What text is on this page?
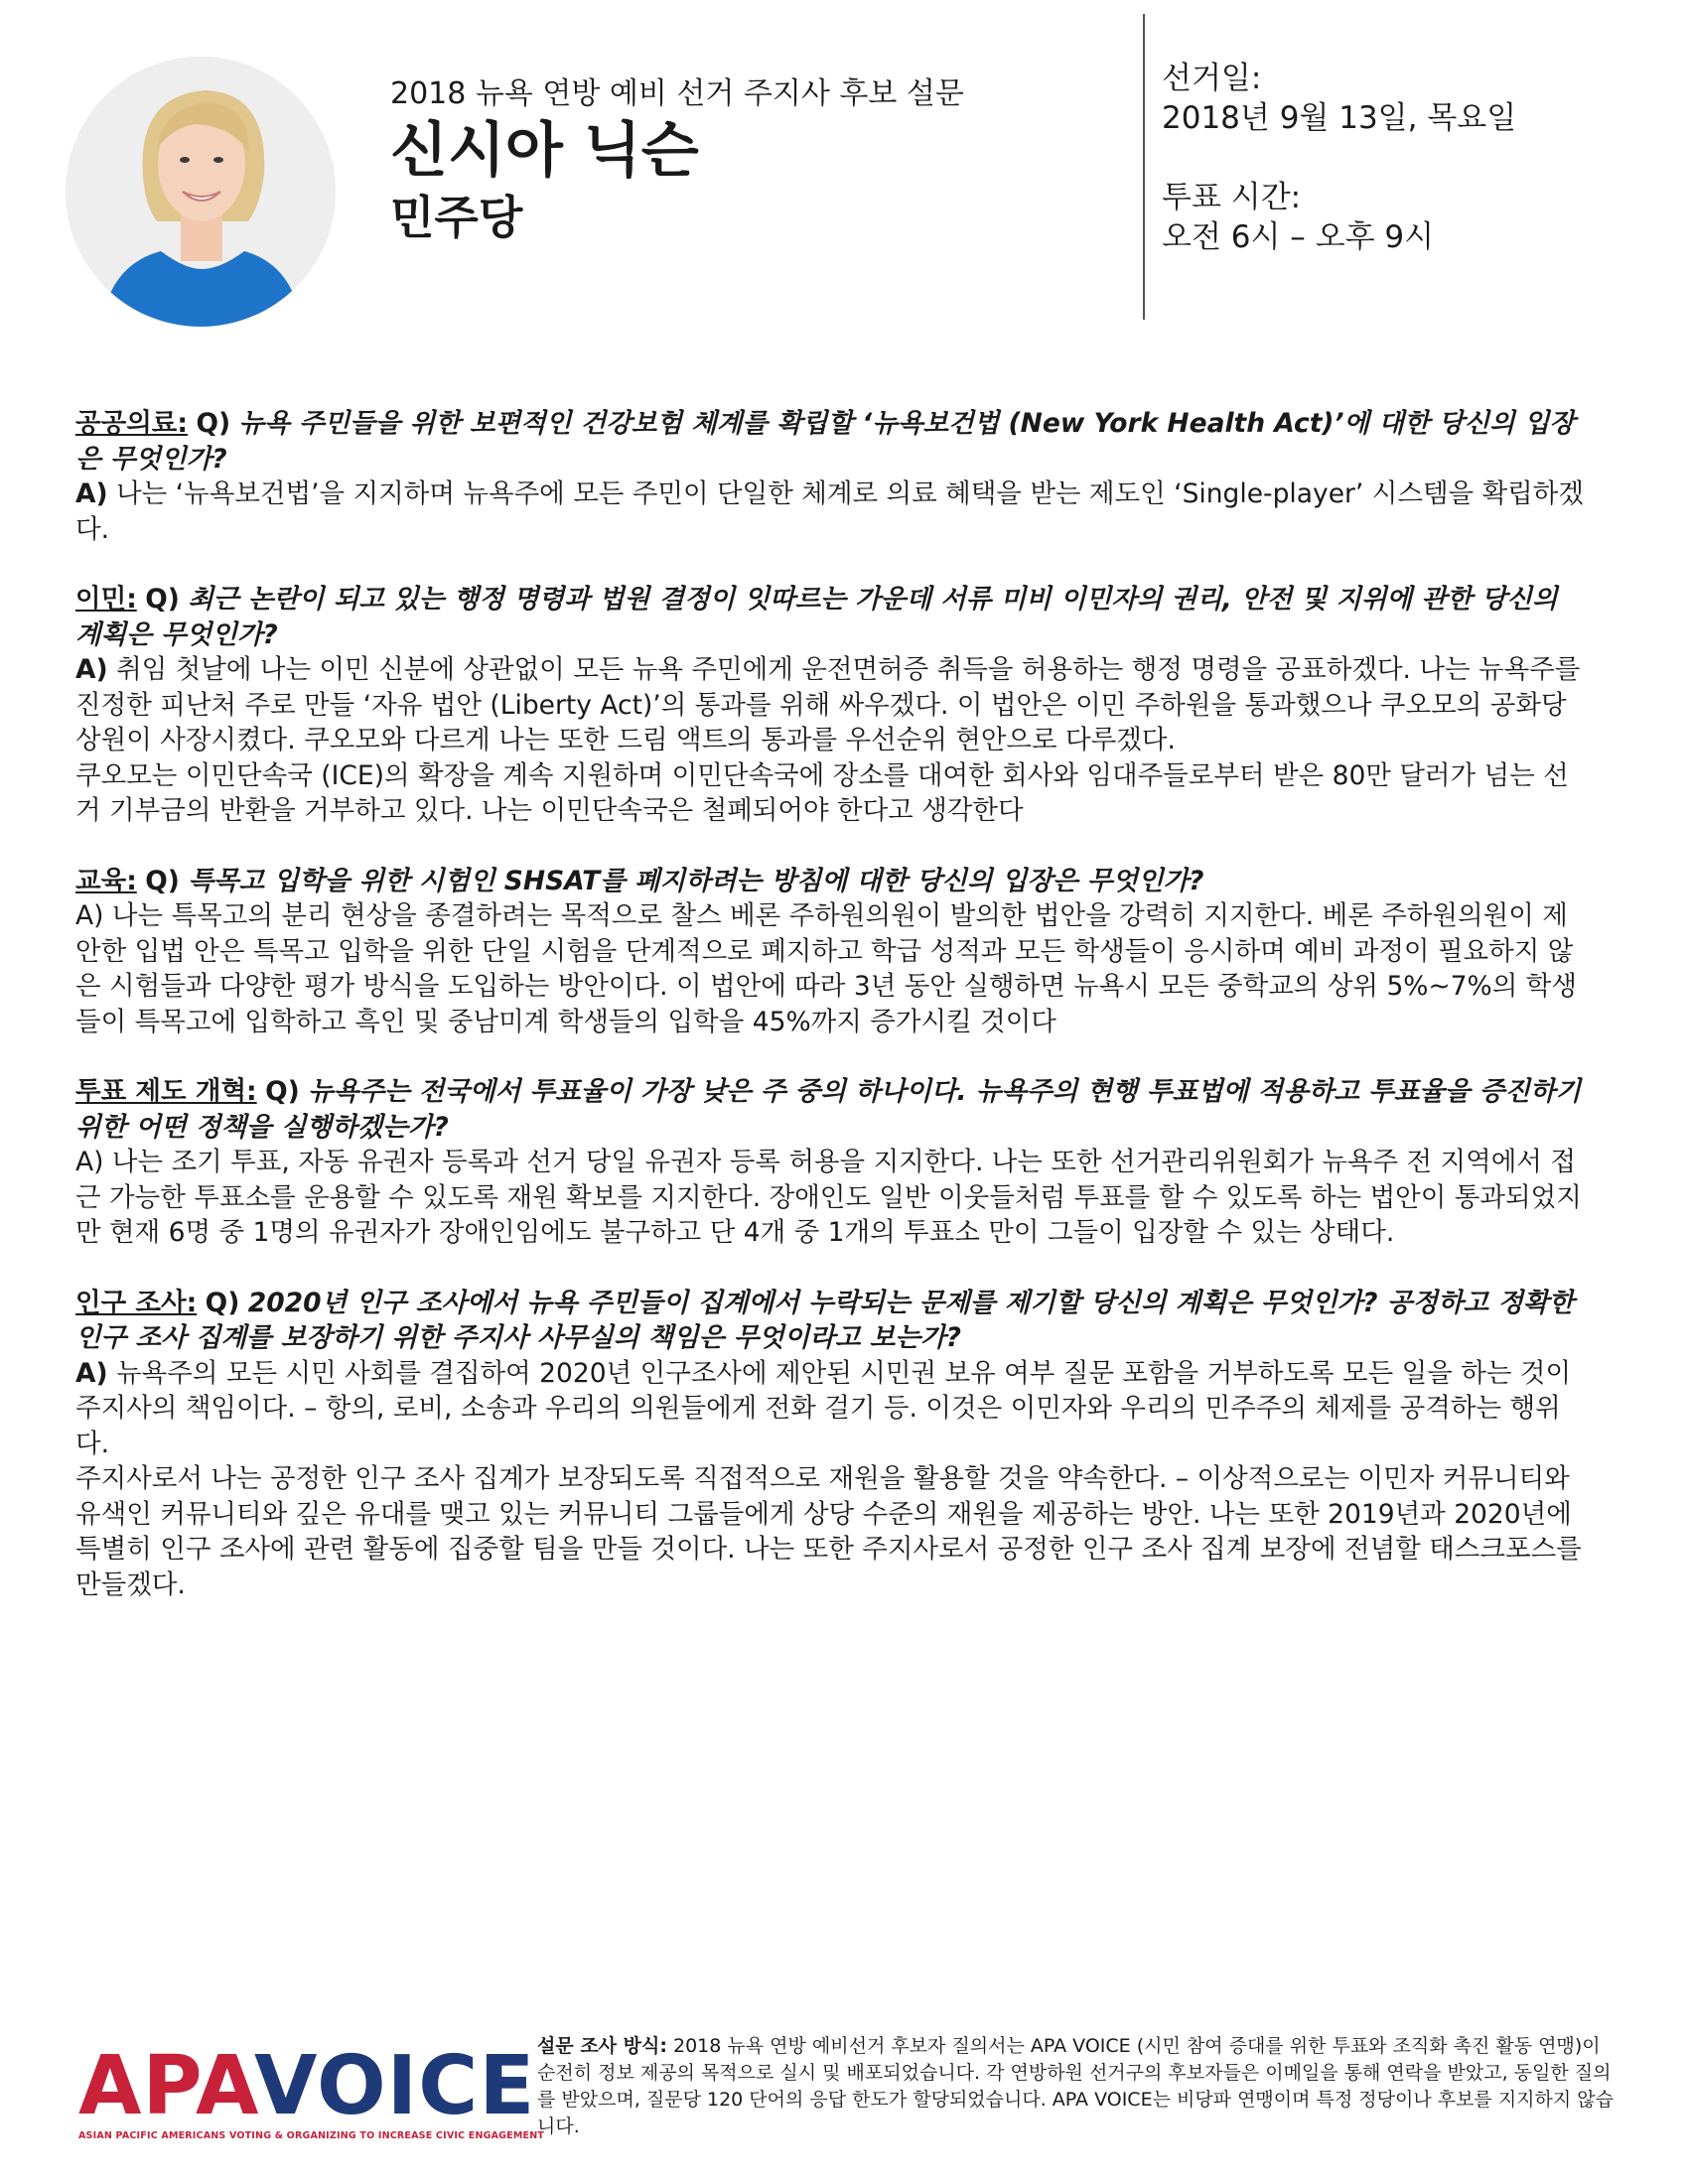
2018 뉴욕 연방 예비 선거 주지사 후보 설문
신시아 닉슨
민주당
선거일:
2018년 9월 13일, 목요일
투표 시간:
오전 6시 – 오후 9시

공공의료: Q) 뉴욕 주민들을 위한 보편적인 건강보험 체계를 확립할 ‘뉴욕보건법 (New York Health Act)’에 대한 당신의 입장은 무엇인가?

A) 나는 ‘뉴욕보건법’을 지지하며 뉴욕주에 모든 주민이 단일한 체계로 의료 혜택을 받는 제도인 ‘Single-player’ 시스템을 확립하겠다.

이민: Q) 최근 논란이 되고 있는 행정 명령과 법원 결정이 잇따르는 가운데 서류 미비 이민자의 권리, 안전 및 지위에 관한 당신의 계획은 무엇인가?

A) 취임 첫날에 나는 이민 신분에 상관없이 모든 뉴욕 주민에게 운전면허증 취득을 허용하는 행정 명령을 공표하겠다. 나는 뉴욕주를 진정한 피난처 주로 만들 ‘자유 법안 (Liberty Act)’의 통과를 위해 싸우겠다. 이 법안은 이민 주하원을 통과했으나 쿠오모의 공화당 상원이 사장시켰다. 쿠오모와 다르게 나는 또한 드림 액트의 통과를 우선순위 현안으로 다루겠다.

쿠오모는 이민단속국 (ICE)의 확장을 계속 지원하며 이민단속국에 장소를 대여한 회사와 임대주들로부터 받은 80만 달러가 넘는 선거 기부금의 반환을 거부하고 있다. 나는 이민단속국은 철폐되어야 한다고 생각한다

교육: Q) 특목고 입학을 위한 시험인 SHSAT를 폐지하려는 방침에 대한 당신의 입장은 무엇인가?

A) 나는 특목고의 분리 현상을 종결하려는 목적으로 찰스 베론 주하원의원이 발의한 법안을 강력히 지지한다. 베론 주하원의원이 제안한 입법 안은 특목고 입학을 위한 단일 시험을 단계적으로 폐지하고 학급 성적과 모든 학생들이 응시하며 예비 과정이 필요하지 않은 시험들과 다양한 평가 방식을 도입하는 방안이다. 이 법안에 따라 3년 동안 실행하면 뉴욕시 모든 중학교의 상위 5%~7%의 학생들이 특목고에 입학하고 흑인 및 중남미계 학생들의 입학을 45%까지 증가시킬 것이다

투표 제도 개혁: Q) 뉴욕주는 전국에서 투표율이 가장 낮은 주 중의 하나이다. 뉴욕주의 현행 투표법에 적용하고 투표율을 증진하기 위한 어떤 정책을 실행하겠는가?

A) 나는 조기 투표, 자동 유권자 등록과 선거 당일 유권자 등록 허용을 지지한다. 나는 또한 선거관리위원회가 뉴욕주 전 지역에서 접근 가능한 투표소를 운용할 수 있도록 재원 확보를 지지한다. 장애인도 일반 이웃들처럼 투표를 할 수 있도록 하는 법안이 통과되었지만 현재 6명 중 1명의 유권자가 장애인임에도 불구하고 단 4개 중 1개의 투표소 만이 그들이 입장할 수 있는 상태다.

인구 조사: Q) 2020년 인구 조사에서 뉴욕 주민들이 집계에서 누락되는 문제를 제기할 당신의 계획은 무엇인가? 공정하고 정확한 인구 조사 집계를 보장하기 위한 주지사 사무실의 책임은 무엇이라고 보는가?

A) 뉴욕주의 모든 시민 사회를 결집하여 2020년 인구조사에 제안된 시민권 보유 여부 질문 포함을 거부하도록 모든 일을 하는 것이 주지사의 책임이다. – 항의, 로비, 소송과 우리의 의원들에게 전화 걸기 등. 이것은 이민자와 우리의 민주주의 체제를 공격하는 행위다.

주지사로서 나는 공정한 인구 조사 집계가 보장되도록 직접적으로 재원을 활용할 것을 약속한다. – 이상적으로는 이민자 커뮤니티와 유색인 커뮤니티와 깊은 유대를 맺고 있는 커뮤니티 그룹들에게 상당 수준의 재원을 제공하는 방안. 나는 또한 2019년과 2020년에 특별히 인구 조사에 관련 활동에 집중할 팀을 만들 것이다. 나는 또한 주지사로서 공정한 인구 조사 집계 보장에 전념할 태스크포스를 만들겠다.

APAVOICE
ASIAN PACIFIC AMERICANS VOTING & ORGANIZING TO INCREASE CIVIC ENGAGEMENT
설문 조사 방식: 2018 뉴욕 연방 예비선거 후보자 질의서는 APA VOICE (시민 참여 증대를 위한 투표와 조직화 촉진 활동 연맹)이 순전히 정보 제공의 목적으로 실시 및 배포되었습니다. 각 연방하원 선거구의 후보자들은 이메일을 통해 연락을 받았고, 동일한 질의를 받았으며, 질문당 120 단어의 응답 한도가 할당되었습니다. APA VOICE는 비당파 연맹이며 특정 정당이나 후보를 지지하지 않습니다.
